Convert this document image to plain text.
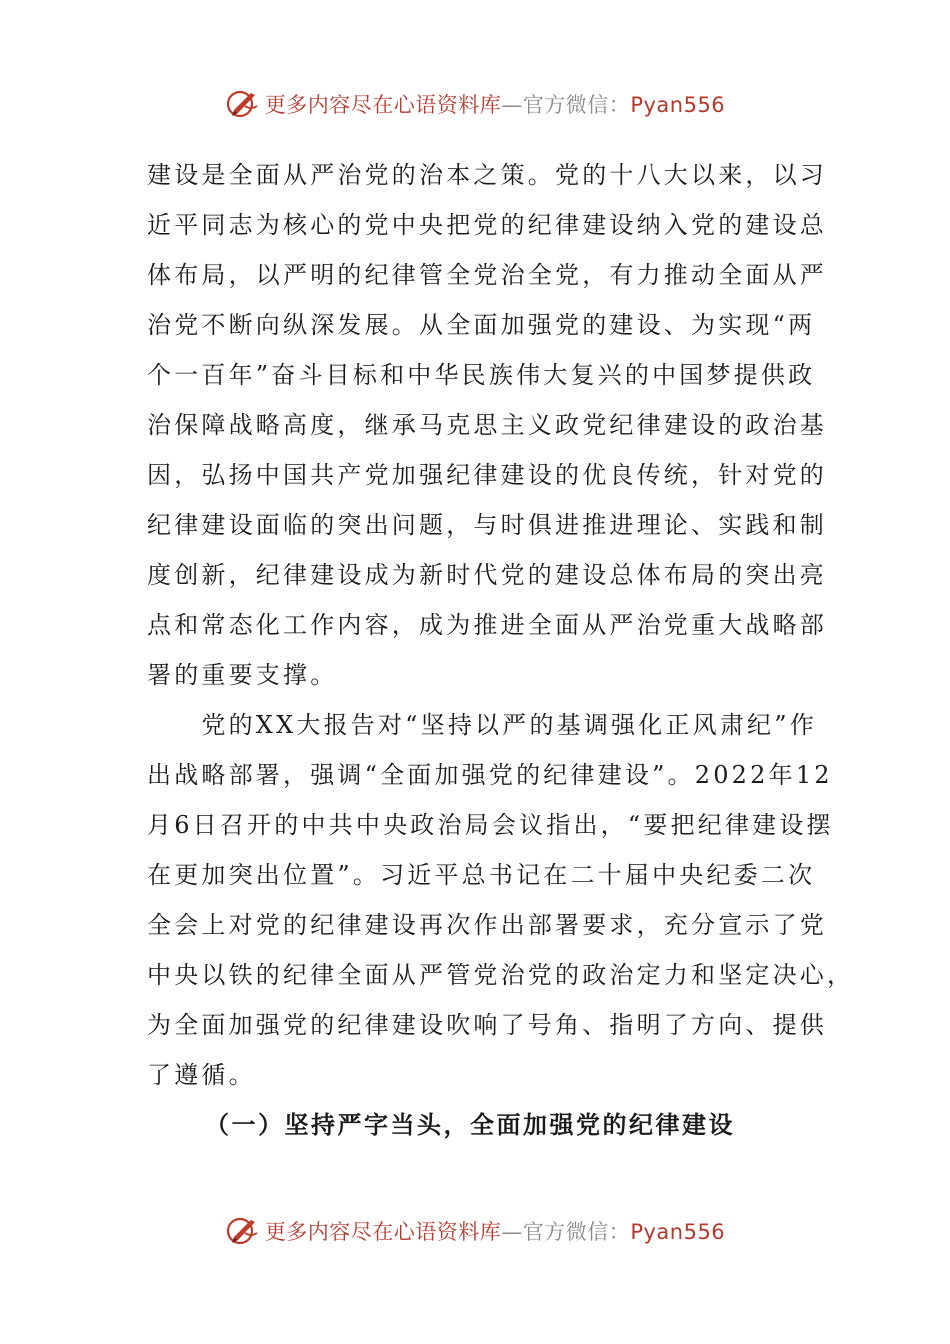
更多内容尽在心语资料库—官方微信：Pyan556
建设是全面从严治党的治本之策。党的十八大以来，以习
近平同志为核心的党中央把党的纪律建设纳入党的建设总
体布局，以严明的纪律管全党治全党，有力推动全面从严
治党不断向纵深发展。从全面加强党的建设、为实现“两
个一百年”奋斗目标和中华民族伟大复兴的中国梦提供政
治保障战略高度，继承马克思主义政党纪律建设的政治基
因，弘扬中国共产党加强纪律建设的优良传统，针对党的
纪律建设面临的突出问题，与时俱进推进理论、实践和制
度创新，纪律建设成为新时代党的建设总体布局的突出亮
点和常态化工作内容，成为推进全面从严治党重大战略部
署的重要支撑。
　　党的XX大报告对“坚持以严的基调强化正风肃纪”作
出战略部署，强调“全面加强党的纪律建设”。2022年12
月6日召开的中共中央政治局会议指出，“要把纪律建设摆
在更加突出位置”。习近平总书记在二十届中央纪委二次
全会上对党的纪律建设再次作出部署要求，充分宣示了党
中央以铁的纪律全面从严管党治党的政治定力和坚定决心，
为全面加强党的纪律建设吹响了号角、指明了方向、提供
了遵循。
（一）坚持严字当头，全面加强党的纪律建设
更多内容尽在心语资料库—官方微信：Pyan556
